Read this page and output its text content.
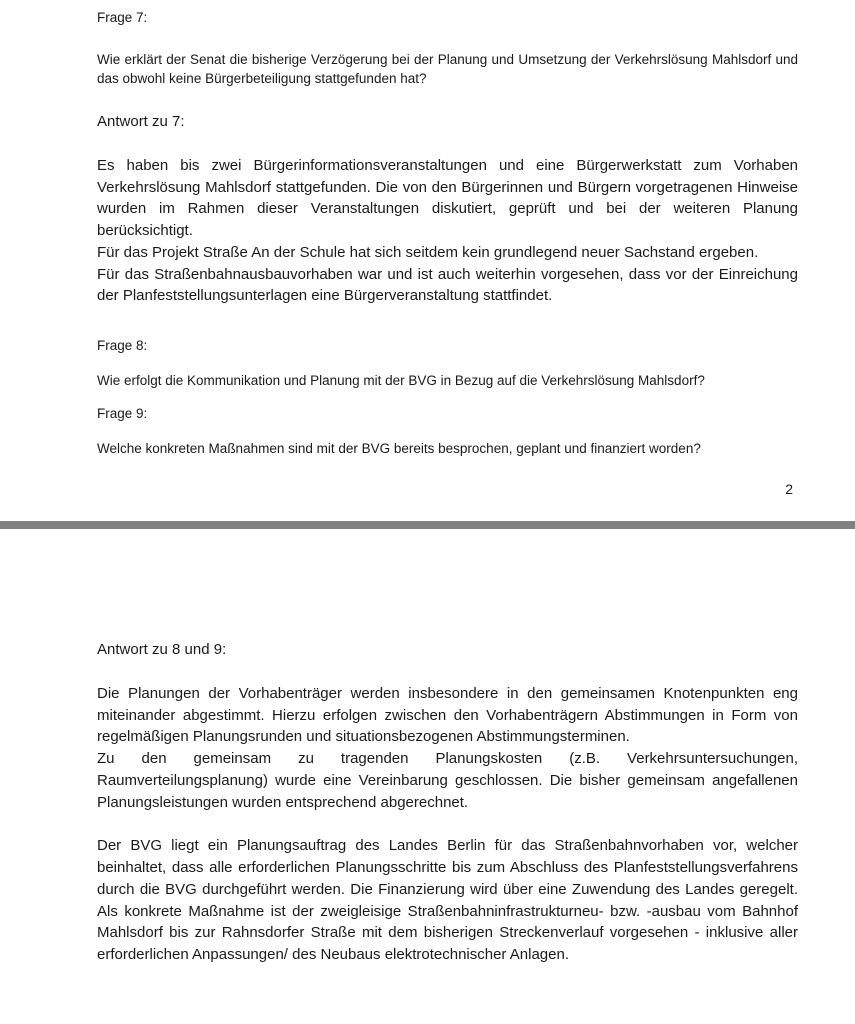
Frage 7:

Wie erklärt der Senat die bisherige Verzögerung bei der Planung und Umsetzung der Verkehrslösung Mahlsdorf und das obwohl keine Bürgerbeteiligung stattgefunden hat?

Antwort zu 7:

Es haben bis zwei Bürgerinformationsveranstaltungen und eine Bürgerwerkstatt zum Vorhaben Verkehrslösung Mahlsdorf stattgefunden. Die von den Bürgerinnen und Bürgern vorgetragenen Hinweise wurden im Rahmen dieser Veranstaltungen diskutiert, geprüft und bei der weiteren Planung berücksichtigt.

Für das Projekt Straße An der Schule hat sich seitdem kein grundlegend neuer Sachstand ergeben.

Für das Straßenbahnausbauvorhaben war und ist auch weiterhin vorgesehen, dass vor der Einreichung der Planfeststellungsunterlagen eine Bürgerveranstaltung stattfindet.

Frage 8:

Wie erfolgt die Kommunikation und Planung mit der BVG in Bezug auf die Verkehrslösung Mahlsdorf?

Frage 9:

Welche konkreten Maßnahmen sind mit der BVG bereits besprochen, geplant und finanziert worden?

2

Antwort zu 8 und 9:

Die Planungen der Vorhabenträger werden insbesondere in den gemeinsamen Knotenpunkten eng miteinander abgestimmt. Hierzu erfolgen zwischen den Vorhabenträgern Abstimmungen in Form von regelmäßigen Planungsrunden und situationsbezogenen Abstimmungsterminen.

Zu den gemeinsam zu tragenden Planungskosten (z.B. Verkehrsuntersuchungen, Raumverteilungsplanung) wurde eine Vereinbarung geschlossen. Die bisher gemeinsam angefallenen Planungsleistungen wurden entsprechend abgerechnet.

Der BVG liegt ein Planungsauftrag des Landes Berlin für das Straßenbahnvorhaben vor, welcher beinhaltet, dass alle erforderlichen Planungsschritte bis zum Abschluss des Planfeststellungsverfahrens durch die BVG durchgeführt werden. Die Finanzierung wird über eine Zuwendung des Landes geregelt. Als konkrete Maßnahme ist der zweigleisige Straßenbahninfrastrukturneu- bzw. -ausbau vom Bahnhof Mahlsdorf bis zur Rahnsdorfer Straße mit dem bisherigen Streckenverlauf vorgesehen - inklusive aller erforderlichen Anpassungen/ des Neubaus elektrotechnischer Anlagen.
